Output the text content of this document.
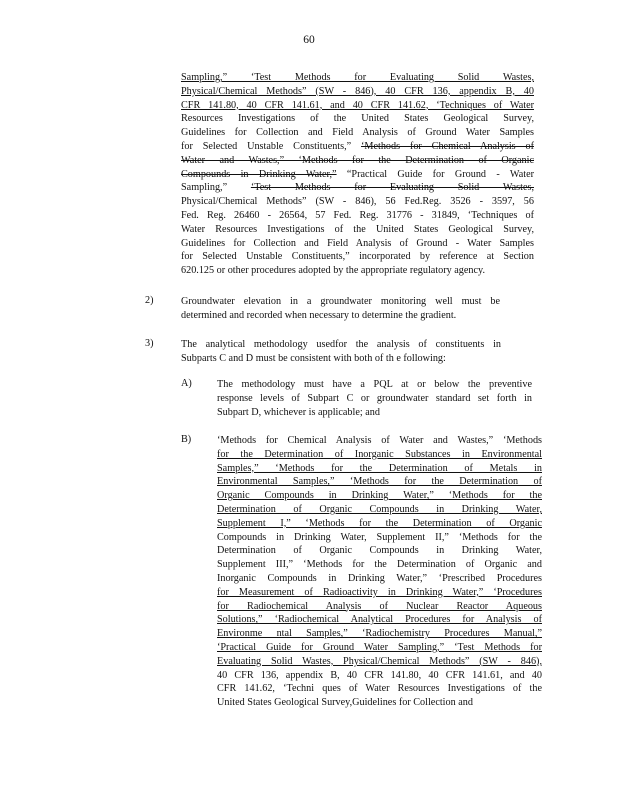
60
Sampling,” ‘Test Methods for Evaluating Solid Wastes,
Physical/Chemical Methods” (SW - 846), 40 CFR 136, appendix B, 40
CFR 141.80, 40 CFR 141.61, and 40 CFR 141.62, ‘Techniques of Water
Resources Investigations of the United States Geological Survey,
Guidelines for Collection and Field Analysis of Ground Water Samples
for Selected Unstable Constituents,” ‘Methods for Chemical Analysis of
Water and Wastes,” ‘Methods for the Determination of Organic
Compounds in Drinking Water,” “Practical Guide for Ground - Water
Sampling,” ‘Test Methods for Evaluating Solid Wastes,
Physical/Chemical Methods” (SW - 846), 56 Fed.Reg. 3526 - 3597, 56
Fed. Reg. 26460 - 26564, 57 Fed. Reg. 31776 - 31849, ‘Techniques of
Water Resources Investigations of the United States Geological Survey,
Guidelines for Collection and Field Analysis of Ground - Water Samples
for Selected Unstable Constituents,” incorporated by reference at Section
620.125 or other procedures adopted by the appropriate regulatory agency.
2)	Groundwater elevation in a groundwater monitoring well must be
determined and recorded when necessary to determine the gradient.
3)	The analytical methodology usedfor the analysis of constituents in
Subparts C and D must be consistent with both of th e following:
A) The methodology must have a PQL at or below the preventive
response levels of Subpart C or groundwater standard set forth in
Subpart D, whichever is applicable; and
B)	‘Methods for Chemical Analysis of Water and Wastes,” ‘Methods
for the Determination of Inorganic Substances in Environmental
Samples,” ‘Methods for the Determination of Metals in
Environmental Samples,” ‘Methods for the Determination of
Organic Compounds in Drinking Water,” ‘Methods for the
Determination of Organic Compounds in Drinking Water,
Supplement I,” ‘Methods for the Determination of Organic
Compounds in Drinking Water, Supplement II,” ‘Methods for the
Determination of Organic Compounds in Drinking Water,
Supplement III,” ‘Methods for the Determination of Organic and
Inorganic Compounds in Drinking Water,” ‘Prescribed Procedures
for Measurement of Radioactivity in Drinking Water,” ‘Procedures
for Radiochemical Analysis of Nuclear Reactor Aqueous
Solutions,” ‘Radiochemical Analytical Procedures for Analysis of
Environme ntal Samples,” ‘Radiochemistry Procedures Manual,”
‘Practical Guide for Ground Water Sampling,” ‘Test Methods for
Evaluating Solid Wastes, Physical/Chemical Methods” (SW - 846),
40 CFR 136, appendix B, 40 CFR 141.80, 40 CFR 141.61, and 40
CFR 141.62, ‘Techni ques of Water Resources Investigations of the
United States Geological Survey,Guidelines for Collection and
